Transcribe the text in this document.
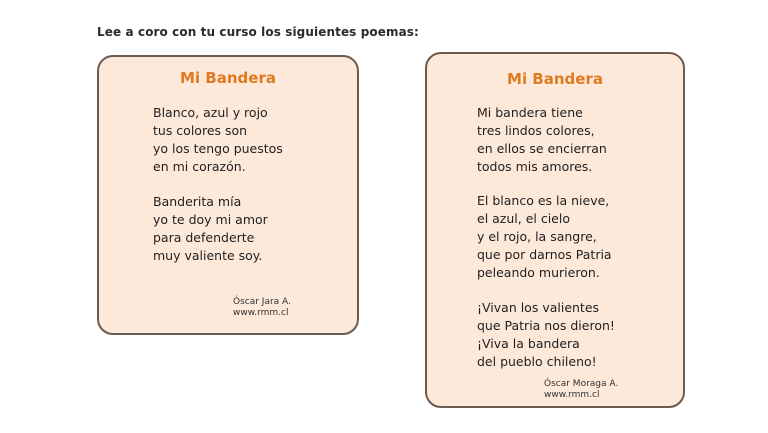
Lee a coro con tu curso los siguientes poemas:
Mi Bandera
Blanco, azul y rojo
tus colores son
yo los tengo puestos
en mi corazón.
Banderita mía
yo te doy mi amor
para defenderte
muy valiente soy.
Óscar Jara A.
www.rmm.cl
Mi Bandera
Mi bandera tiene
tres lindos colores,
en ellos se encierran
todos mis amores.
El blanco es la nieve,
el azul, el cielo
y el rojo, la sangre,
que por darnos Patria
peleando murieron.
¡Vivan los valientes
que Patria nos dieron!
¡Viva la bandera
del pueblo chileno!
Óscar Moraga A.
www.rmm.cl
